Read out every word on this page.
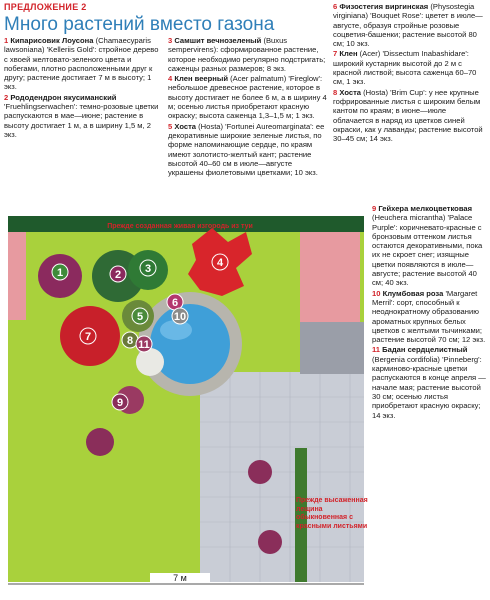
ПРЕДЛОЖЕНИЕ 2
Много растений вместо газона
1 Кипарисовик Лоусона (Chamaecyparis lawsoniana) 'Kelleriis Gold': стройное дерево с хвоей желтовато-зеленого цвета и побегами, плотно расположенными друг к другу; растение достигает 7 м в высоту; 1 экз.
2 Рододендрон якусиманский 'Fruehlingserwachen': темно-розовые цветки распускаются в мае—июне; растение в высоту достигает 1 м, а в ширину 1,5 м, 2 экз.
3 Самшит вечнозеленый (Buxus sempervirens): сформированное растение, которое необходимо регулярно подстригать; саженцы разных размеров; 8 экз.
4 Клен веерный (Acer palmatum) 'Fireglow': небольшое древесное растение, которое в высоту достигает не более 6 м, а в ширину 4 м; осенью листья приобретают красную окраску; высота саженца 1,3–1,5 м; 1 экз.
5 Хоста (Hosta) 'Fortunei Aureomarginata': ее декоративные широкие зеленые листья, по форме напоминающие сердце, по краям имеют золотисто-желтый кант; растение высотой 40–60 см в июле—августе украшены фиолетовыми цветками; 10 экз.
6 Физостегия виргинская (Physostegia virginiana) 'Bouquet Rose': цветет в июле—августе, образуя стройные розовые соцветия-башенки; растение высотой 80 см; 10 экз.
7 Клен (Acer) 'Dissectum Inabashidare': широкий кустарник высотой до 2 м с красной листвой; высота саженца 60–70 см, 1 экз.
8 Хоста (Hosta) 'Brim Cup': у нее крупные гофрированные листья с широким белым кантом по краям; в июне—июле облачается в наряд из цветков синей окраски, как у лаванды; растение высотой 30–45 см; 14 экз.
9 Гейхера мелкоцветковая (Heuchera micrantha) 'Palace Purple': коричневато-красные с бронзовым оттенком листья остаются декоративными, пока их не скроет снег; изящные цветки появляются в июле—августе; растение высотой 40 см; 40 экз.
10 Клумбовая роза 'Margaret Merril': сорт, способный к неоднократному образованию ароматных крупных белых цветков с желтыми тычинками; растение высотой 70 см; 12 экз.
11 Бадан сердцелистный (Bergenia cordifolia) 'Pinneberg': карминово-красные цветки распускаются в конце апреля — начале мая; растение высотой 30 см; осенью листья приобретают красную окраску; 14 экз.
1	2 3	4
5
6
7	8
9
10
11
Прежде созданная живая изгородь из туи
Прежде высаженная лещина обыкновенная с красными листьями
7 м
